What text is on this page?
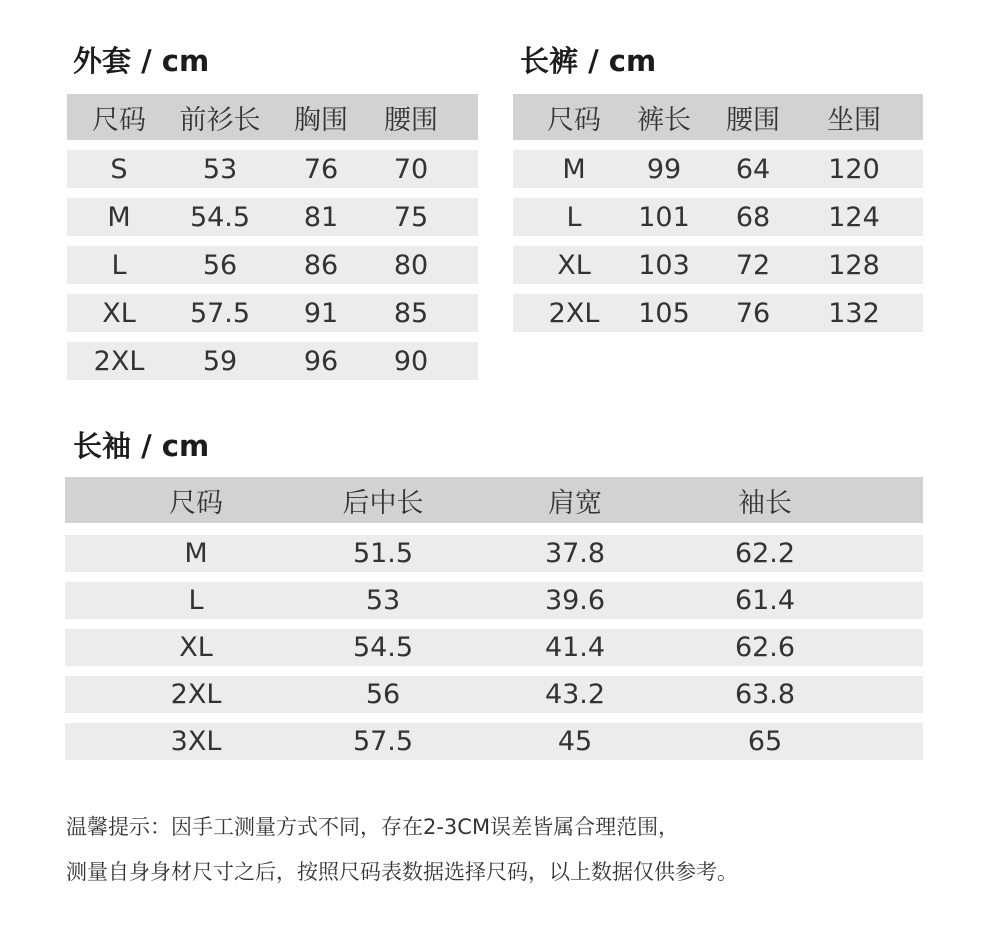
外套 / cm	长裤 / cm
长袖 / cm
尺码 前衫长 胸围 腰围
S	53 76 70
M 54.5 81 75
L	56 86 80
XL 57.5 91 85
2XL 59 96 90
尺码 裤长 腰围 坐围
M 99 64 120
L 101 68 124
XL 103 72 128
2XL 105 76 132
尺码	后中长	肩宽	袖长
M	51.5	37.8	62.2
L	53	39.6	61.4
XL	54.5	41.4	62.6
2XL	56	43.2	63.8
3XL	57.5	45	65
温馨提示：因手工测量方式不同，存在2-3CM误差皆属合理范围，
测量自身身材尺寸之后，按照尺码表数据选择尺码，以上数据仅供参考。
